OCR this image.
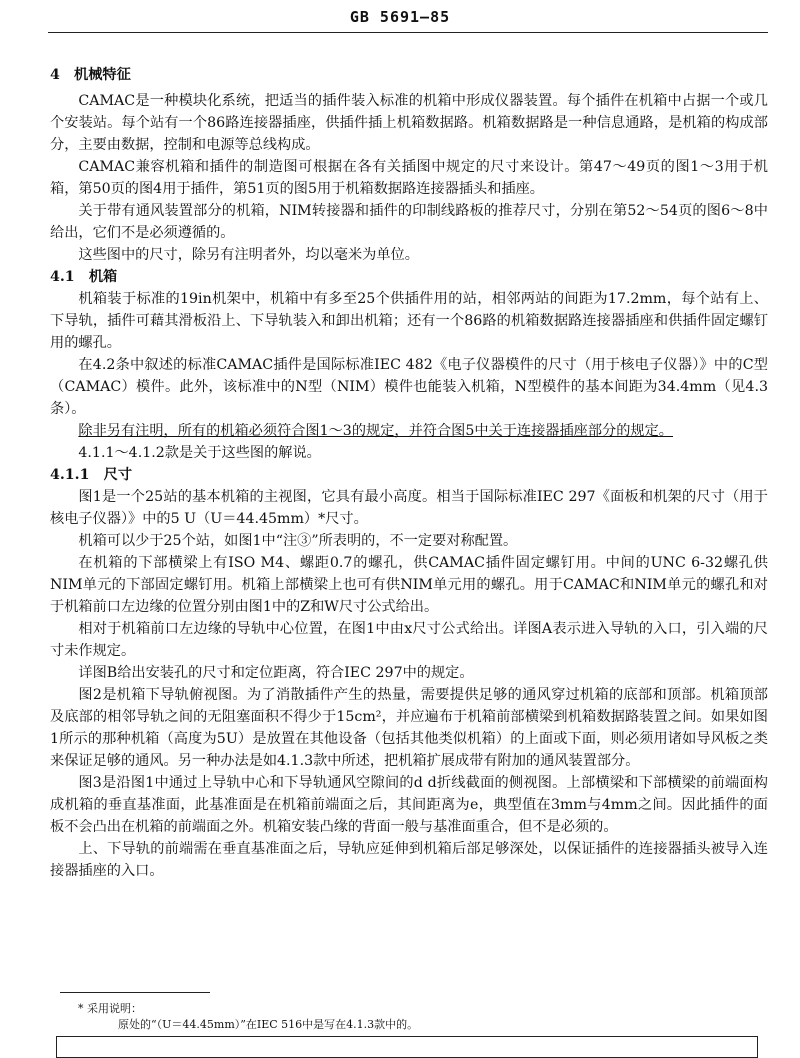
GB 5691—85
4　机械特征
CAMAC是一种模块化系统，把适当的插件装入标准的机箱中形成仪器装置。每个插件在机箱中占据一个或几个安装站。每个站有一个86路连接器插座，供插件插上机箱数据路。机箱数据路是一种信息通路，是机箱的构成部分，主要由数据，控制和电源等总线构成。
CAMAC兼容机箱和插件的制造图可根据在各有关插图中规定的尺寸来设计。第47～49页的图1～3用于机箱，第50页的图4用于插件，第51页的图5用于机箱数据路连接器插头和插座。
关于带有通风装置部分的机箱，NIM转接器和插件的印制线路板的推荐尺寸，分别在第52～54页的图6～8中给出，它们不是必须遵循的。
这些图中的尺寸，除另有注明者外，均以毫米为单位。
4.1　机箱
机箱装于标准的19in机架中，机箱中有多至25个供插件用的站，相邻两站的间距为17.2mm，每个站有上、下导轨，插件可藉其滑板沿上、下导轨装入和卸出机箱；还有一个86路的机箱数据路连接器插座和供插件固定螺钉用的螺孔。
在4.2条中叙述的标准CAMAC插件是国际标准IEC 482《电子仪器模件的尺寸（用于核电子仪器）》中的C型（CAMAC）模件。此外，该标准中的N型（NIM）模件也能装入机箱，N型模件的基本间距为34.4mm（见4.3条）。
除非另有注明，所有的机箱必须符合图1～3的规定，并符合图5中关于连接器插座部分的规定。
4.1.1～4.1.2款是关于这些图的解说。
4.1.1　尺寸
图1是一个25站的基本机箱的主视图，它具有最小高度。相当于国际标准IEC 297《面板和机架的尺寸（用于核电子仪器）》中的5 U（U＝44.45mm）*尺寸。
机箱可以少于25个站，如图1中“注③”所表明的，不一定要对称配置。
在机箱的下部横梁上有ISO M4、螺距0.7的螺孔，供CAMAC插件固定螺钉用。中间的UNC 6-32螺孔供NIM单元的下部固定螺钉用。机箱上部横梁上也可有供NIM单元用的螺孔。用于CAMAC和NIM单元的螺孔和对于机箱前口左边缘的位置分别由图1中的Z和W尺寸公式给出。
相对于机箱前口左边缘的导轨中心位置，在图1中由x尺寸公式给出。详图A表示进入导轨的入口，引入端的尺寸未作规定。
详图B给出安装孔的尺寸和定位距离，符合IEC 297中的规定。
图2是机箱下导轨俯视图。为了消散插件产生的热量，需要提供足够的通风穿过机箱的底部和顶部。机箱顶部及底部的相邻导轨之间的无阻塞面积不得少于15cm²，并应遍布于机箱前部横梁到机箱数据路装置之间。如果如图1所示的那种机箱（高度为5U）是放置在其他设备（包括其他类似机箱）的上面或下面，则必须用诸如导风板之类来保证足够的通风。另一种办法是如4.1.3款中所述，把机箱扩展成带有附加的通风装置部分。
图3是沿图1中通过上导轨中心和下导轨通风空隙间的d d折线截面的侧视图。上部横梁和下部横梁的前端面构成机箱的垂直基准面，此基准面是在机箱前端面之后，其间距离为e，典型值在3mm与4mm之间。因此插件的面板不会凸出在机箱的前端面之外。机箱安装凸缘的背面一般与基准面重合，但不是必须的。
上、下导轨的前端需在垂直基准面之后，导轨应延伸到机箱后部足够深处，以保证插件的连接器插头被导入连接器插座的入口。
* 采用说明：
原处的“（U＝44.45mm）”在IEC 516中是写在4.1.3款中的。
